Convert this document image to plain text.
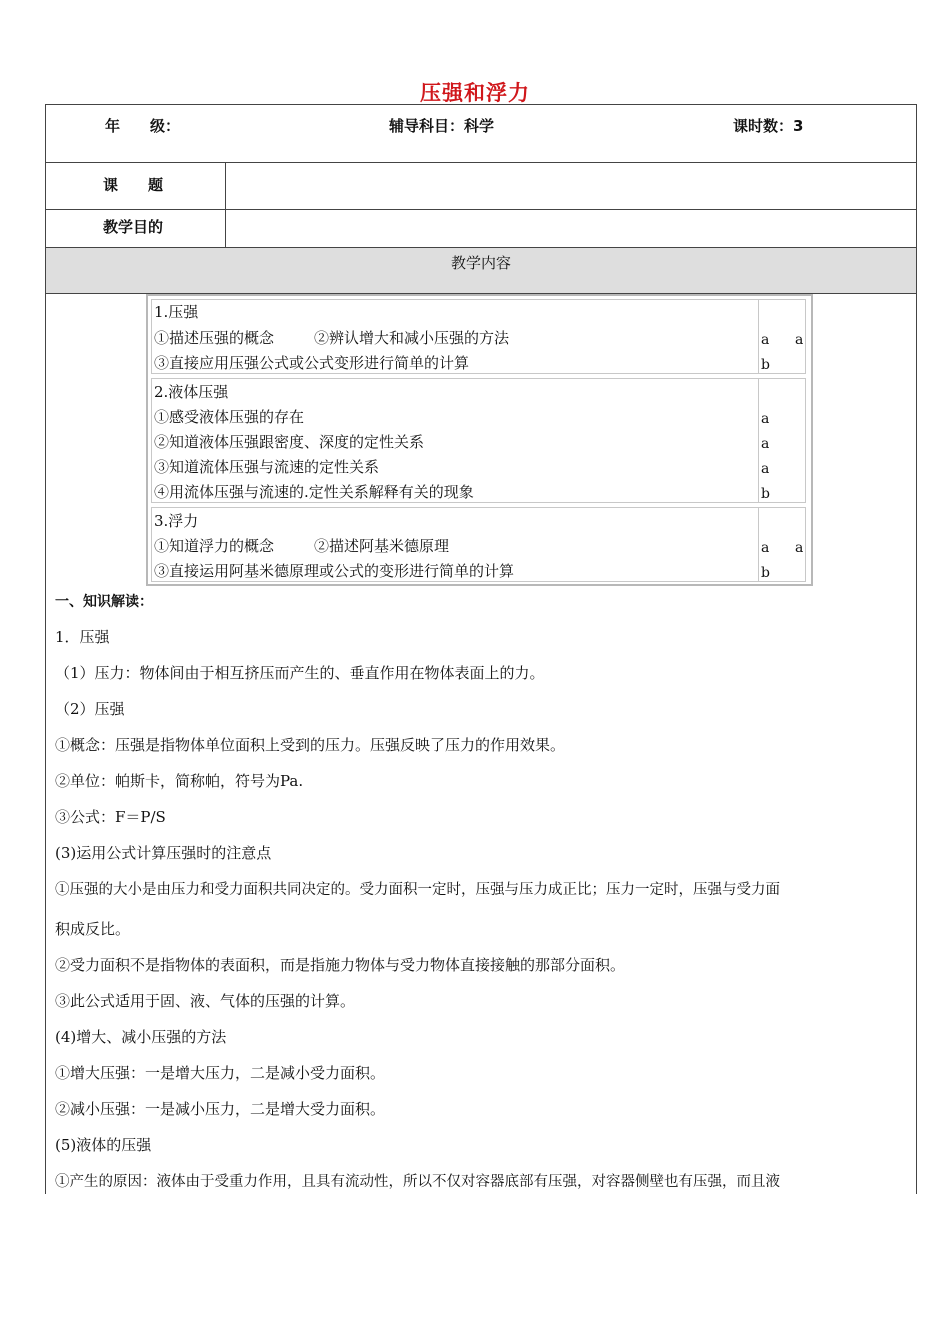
压强和浮力
年　　级：	辅导科目：科学	课时数：3
课　　题
教学目的
教学内容
1.压强
①描述压强的概念	②辨认增大和减小压强的方法	a a
③直接应用压强公式或公式变形进行简单的计算	b
2.液体压强
①感受液体压强的存在	a
②知道液体压强跟密度、深度的定性关系	a
③知道流体压强与流速的定性关系	a
④用流体压强与流速的.定性关系解释有关的现象	b
3.浮力
①知道浮力的概念	②描述阿基米德原理	a a
③直接运用阿基米德原理或公式的变形进行简单的计算	b
一、知识解读：
1．压强
（1）压力：物体间由于相互挤压而产生的、垂直作用在物体表面上的力。
（2）压强
①概念：压强是指物体单位面积上受到的压力。压强反映了压力的作用效果。
②单位：帕斯卡，简称帕，符号为Pa.
③公式：F＝P/S
(3)运用公式计算压强时的注意点
①压强的大小是由压力和受力面积共同决定的。受力面积一定时，压强与压力成正比；压力一定时，压强与受力面
积成反比。
②受力面积不是指物体的表面积，而是指施力物体与受力物体直接接触的那部分面积。
③此公式适用于固、液、气体的压强的计算。
(4)增大、减小压强的方法
①增大压强：一是增大压力，二是减小受力面积。
②减小压强：一是减小压力，二是增大受力面积。
(5)液体的压强
①产生的原因：液体由于受重力作用，且具有流动性，所以不仅对容器底部有压强，对容器侧壁也有压强，而且液
